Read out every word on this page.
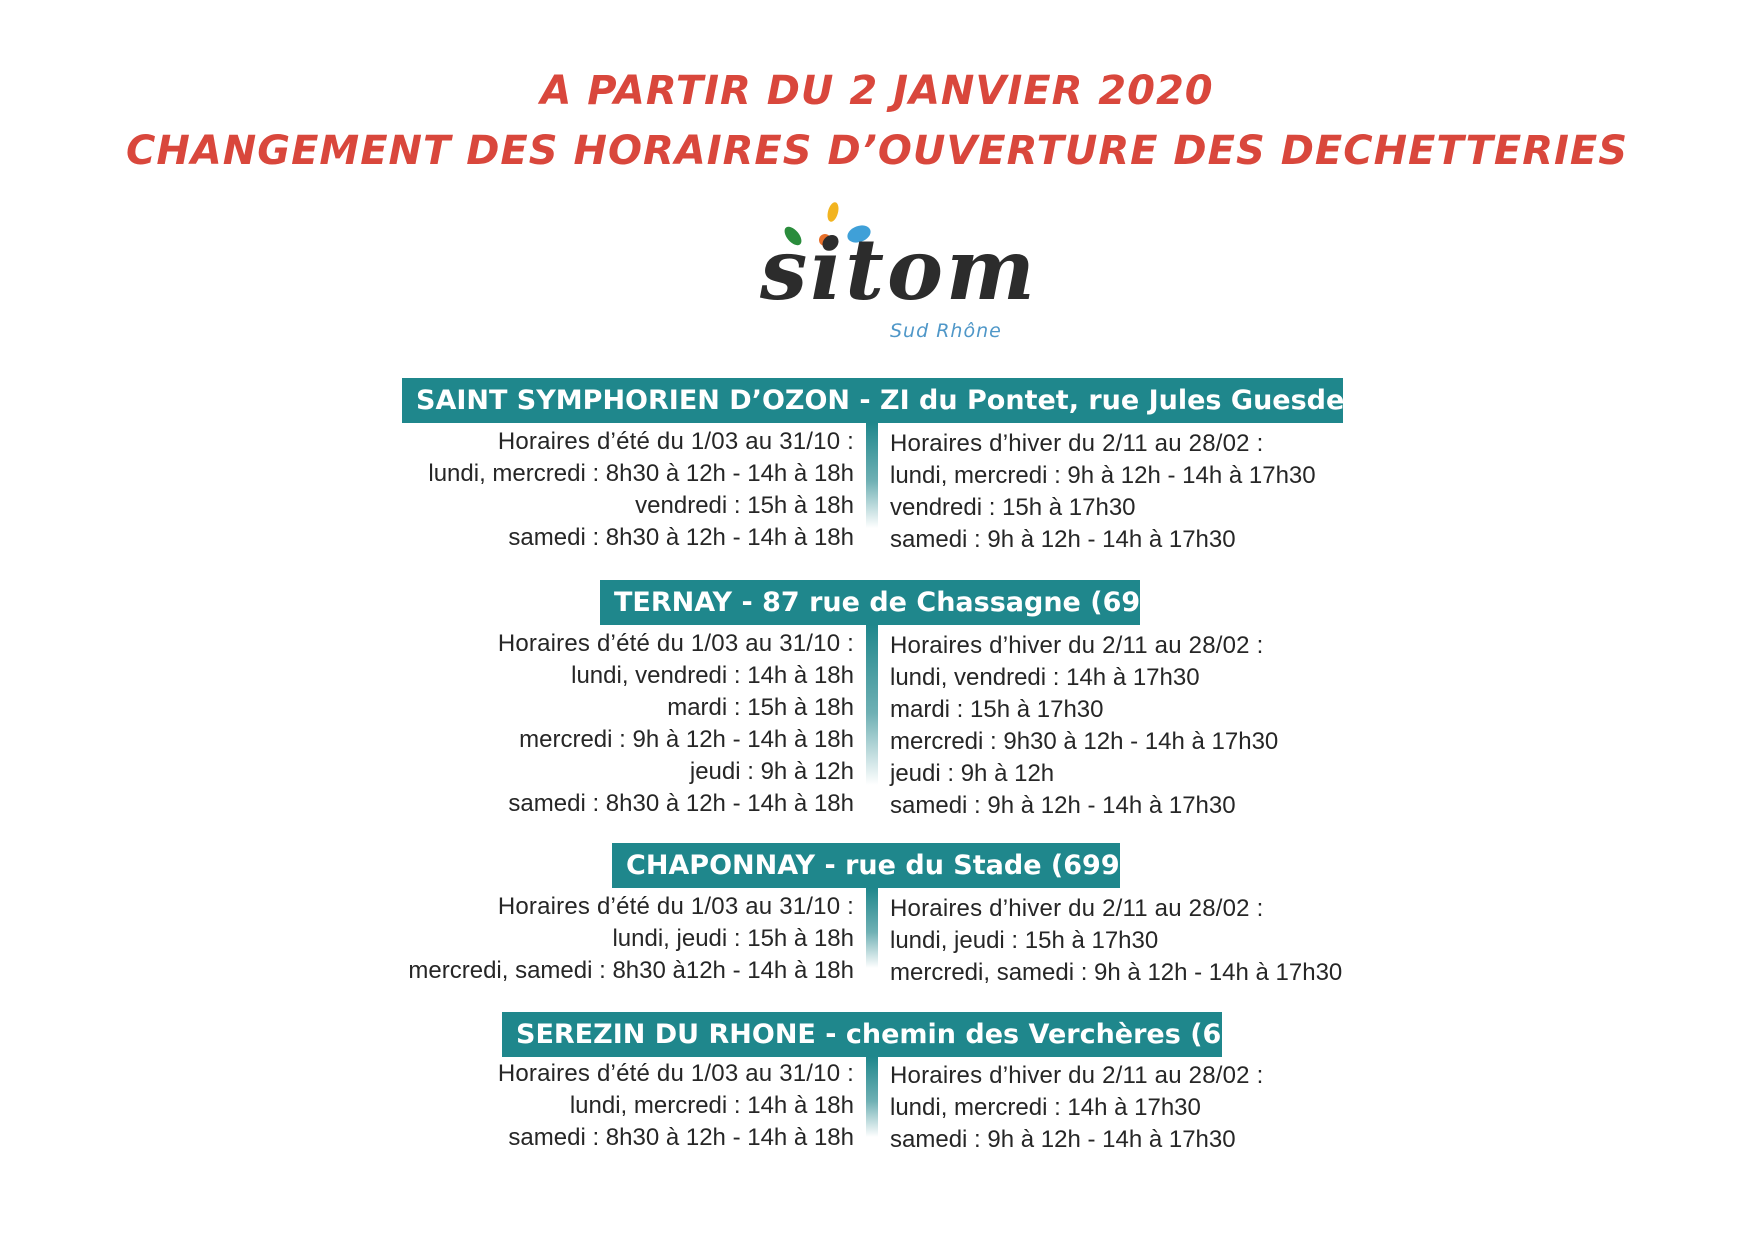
A PARTIR DU 2 JANVIER 2020
CHANGEMENT DES HORAIRES D’OUVERTURE DES DECHETTERIES
sitom
Sud Rhône
SAINT SYMPHORIEN D’OZON - ZI du Pontet, rue Jules Guesde (69360)
Horaires d’été du 1/03 au 31/10 :
lundi, mercredi : 8h30 à 12h - 14h à 18h
vendredi : 15h à 18h
samedi : 8h30 à 12h - 14h à 18h
Horaires d’hiver du 2/11 au 28/02 :
lundi, mercredi : 9h à 12h - 14h à 17h30
vendredi : 15h à 17h30
samedi : 9h à 12h - 14h à 17h30
TERNAY - 87 rue de Chassagne (69360)
Horaires d’été du 1/03 au 31/10 :
lundi, vendredi : 14h à 18h
mardi : 15h à 18h
mercredi : 9h à 12h - 14h à 18h
jeudi : 9h à 12h
samedi : 8h30 à 12h - 14h à 18h
Horaires d’hiver du 2/11 au 28/02 :
lundi, vendredi : 14h à 17h30
mardi : 15h à 17h30
mercredi : 9h30 à 12h - 14h à 17h30
jeudi : 9h à 12h
samedi : 9h à 12h - 14h à 17h30
CHAPONNAY - rue du Stade (69970)
Horaires d’été du 1/03 au 31/10 :
lundi, jeudi : 15h à 18h
mercredi, samedi : 8h30 à12h - 14h à 18h
Horaires d’hiver du 2/11 au 28/02 :
lundi, jeudi : 15h à 17h30
mercredi, samedi : 9h à 12h - 14h à 17h30
SEREZIN DU RHONE - chemin des Verchères (69360)
Horaires d’été du 1/03 au 31/10 :
lundi, mercredi : 14h à 18h
samedi : 8h30 à 12h - 14h à 18h
Horaires d’hiver du 2/11 au 28/02 :
lundi, mercredi : 14h à 17h30
samedi : 9h à 12h - 14h à 17h30
